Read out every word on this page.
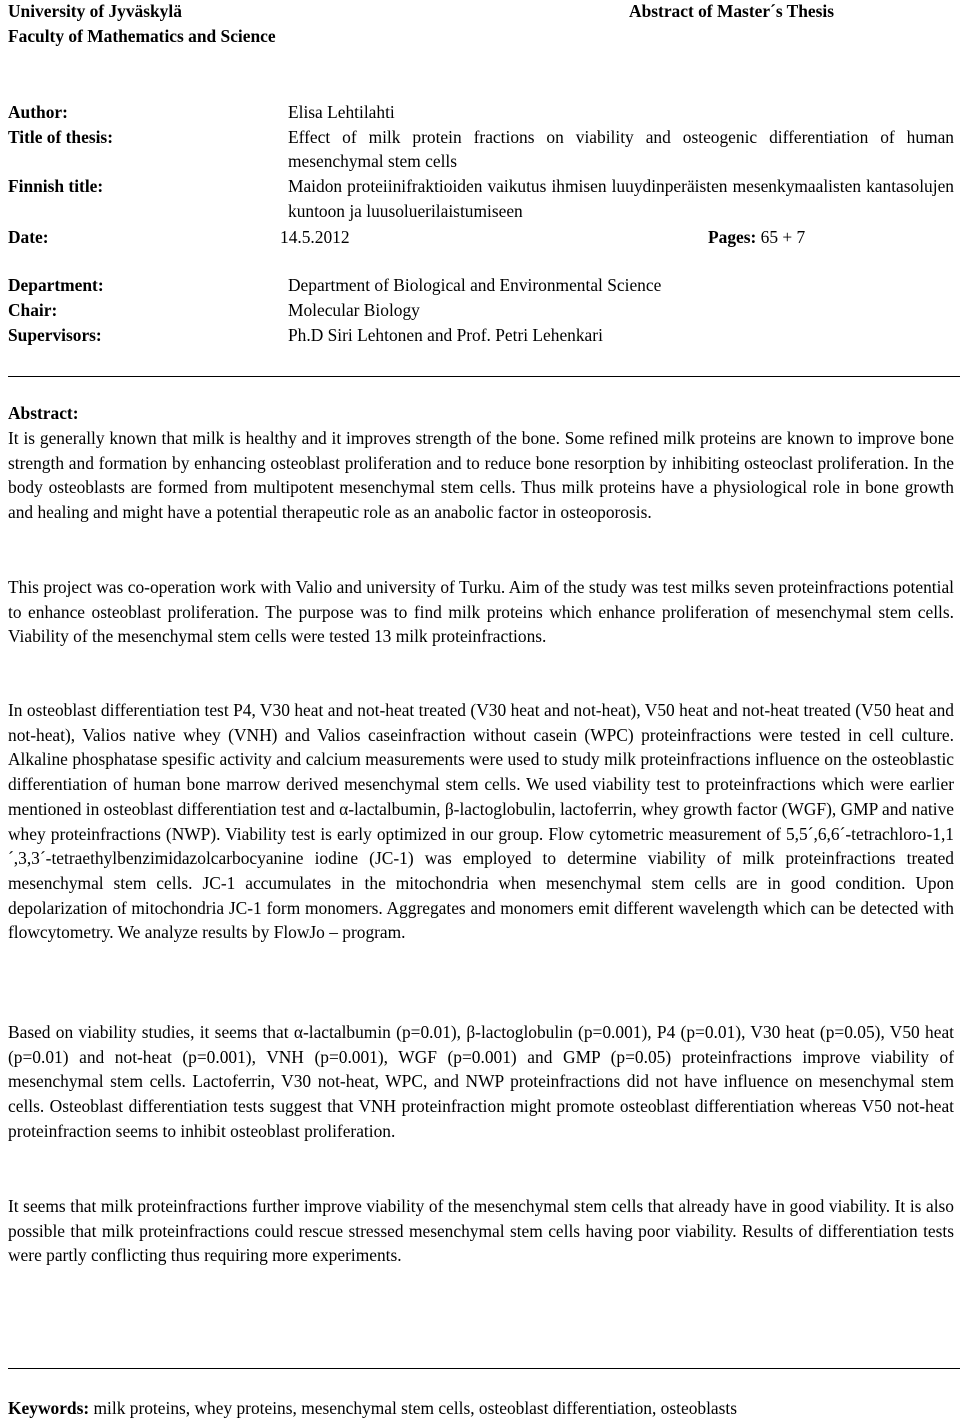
University of Jyväskylä
Faculty of Mathematics and Science
Abstract of Master´s Thesis
Author:	Elisa Lehtilahti
Title of thesis:	Effect of milk protein fractions on viability and osteogenic differentiation of human mesenchymal stem cells
Finnish title:	Maidon proteiinifraktioiden vaikutus ihmisen luuydinperäisten mesenkymaalisten kantasolujen kuntoon ja luusoluerilaistumiseen
Date:	14.5.2012	Pages: 65 + 7
Department:	Department of Biological and Environmental Science
Chair:	Molecular Biology
Supervisors:	Ph.D Siri Lehtonen and Prof. Petri Lehenkari
Abstract:

It is generally known that milk is healthy and it improves strength of the bone. Some refined milk proteins are known to improve bone strength and formation by enhancing osteoblast proliferation and to reduce bone resorption by inhibiting osteoclast proliferation. In the body osteoblasts are formed from multipotent mesenchymal stem cells. Thus milk proteins have a physiological role in bone growth and healing and might have a potential therapeutic role as an anabolic factor in osteoporosis.

This project was co-operation work with Valio and university of Turku. Aim of the study was test milks seven proteinfractions potential to enhance osteoblast proliferation. The purpose was to find milk proteins which enhance proliferation of mesenchymal stem cells. Viability of the mesenchymal stem cells were tested 13 milk proteinfractions.

In osteoblast differentiation test P4, V30 heat and not-heat treated (V30 heat and not-heat), V50 heat and not-heat treated (V50 heat and not-heat), Valios native whey (VNH) and Valios caseinfraction without casein (WPC) proteinfractions were tested in cell culture. Alkaline phosphatase spesific activity and calcium measurements were used to study milk proteinfractions influence on the osteoblastic differentiation of human bone marrow derived mesenchymal stem cells. We used viability test to proteinfractions which were earlier mentioned in osteoblast differentiation test and α-lactalbumin, β-lactoglobulin, lactoferrin, whey growth factor (WGF), GMP and native whey proteinfractions (NWP). Viability test is early optimized in our group. Flow cytometric measurement of 5,5´,6,6´-tetrachloro-1,1´,3,3´-tetraethylbenzimidazolcarbocyanine iodine (JC-1) was employed to determine viability of milk proteinfractions treated mesenchymal stem cells. JC-1 accumulates in the mitochondria when mesenchymal stem cells are in good condition. Upon depolarization of mitochondria JC-1 form monomers. Aggregates and monomers emit different wavelength which can be detected with flowcytometry. We analyze results by FlowJo – program.

Based on viability studies, it seems that α-lactalbumin (p=0.01), β-lactoglobulin (p=0.001), P4 (p=0.01), V30 heat (p=0.05), V50 heat (p=0.01) and not-heat (p=0.001), VNH (p=0.001), WGF (p=0.001) and GMP (p=0.05) proteinfractions improve viability of mesenchymal stem cells. Lactoferrin, V30 not-heat, WPC, and NWP proteinfractions did not have influence on mesenchymal stem cells. Osteoblast differentiation tests suggest that VNH proteinfraction might promote osteoblast differentiation whereas V50 not-heat proteinfraction seems to inhibit osteoblast proliferation.

It seems that milk proteinfractions further improve viability of the mesenchymal stem cells that already have in good viability. It is also possible that milk proteinfractions could rescue stressed mesenchymal stem cells having poor viability. Results of differentiation tests were partly conflicting thus requiring more experiments.

Keywords: milk proteins, whey proteins, mesenchymal stem cells, osteoblast differentiation, osteoblasts
